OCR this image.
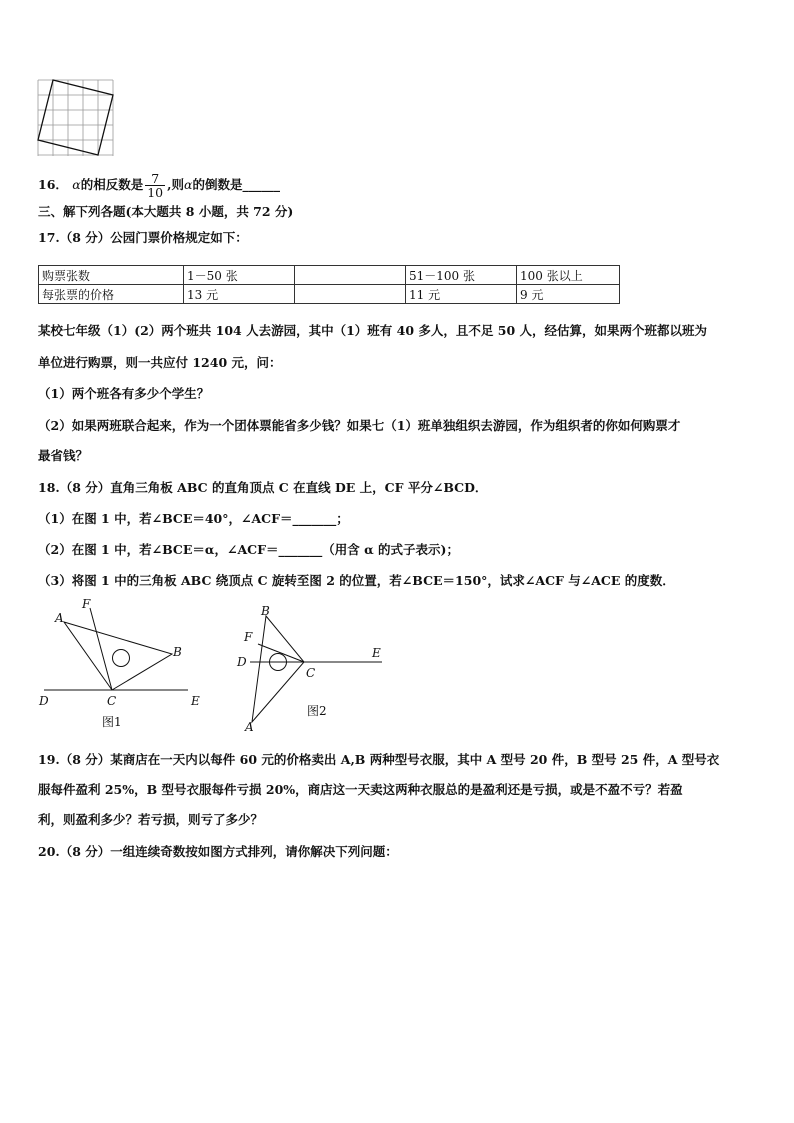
16． α的相反数是 $\frac{7}{10}$ ,则α的倒数是______
三、解下列各题(本大题共 8 小题，共 72 分)
17.（8 分）公园门票价格规定如下：
购票张数	1－50 张		51－100 张	100 张以上
每张票的价格	13 元		11 元	9 元
某校七年级（1）(2）两个班共 104 人去游园，其中（1）班有 40 多人，且不足 50 人，经估算，如果两个班都以班为
单位进行购票，则一共应付 1240 元，问：
（1）两个班各有多少个学生？
（2）如果两班联合起来，作为一个团体票能省多少钱？如果七（1）班单独组织去游园，作为组织者的你如何购票才
最省钱？
18.（8 分）直角三角板 ABC 的直角顶点 C 在直线 DE 上，CF 平分∠BCD．
（1）在图 1 中，若∠BCE＝40°，∠ACF＝_______；
（2）在图 1 中，若∠BCE＝α，∠ACF＝_______（用含 α 的式子表示)；
（3）将图 1 中的三角板 ABC 绕顶点 C 旋转至图 2 的位置，若∠BCE＝150°，试求∠ACF 与∠ACE 的度数．
A
F
B
C
D	E
图1
B
F
D
C
E
A
图2
19.（8 分）某商店在一天内以每件 60 元的价格卖出 A,B 两种型号衣服，其中 A 型号 20 件，B 型号 25 件，A 型号衣
服每件盈利 25%，B 型号衣服每件亏损 20%，商店这一天卖这两种衣服总的是盈利还是亏损，或是不盈不亏？若盈
利，则盈利多少？若亏损，则亏了多少？
20.（8 分）一组连续奇数按如图方式排列，请你解决下列问题：
